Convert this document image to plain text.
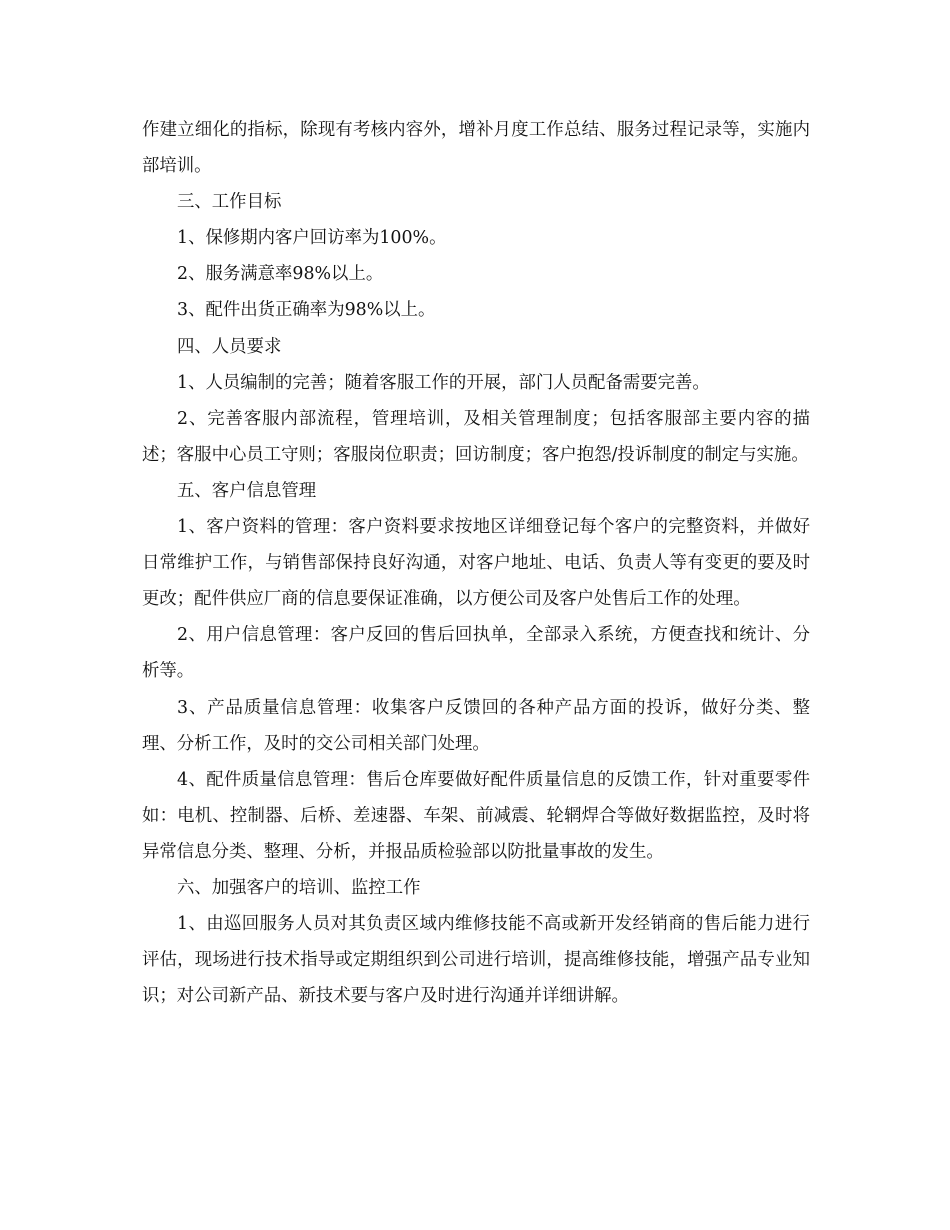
作建立细化的指标，除现有考核内容外，增补月度工作总结、服务过程记录等，实施内部培训。

三、工作目标

1、保修期内客户回访率为100%。

2、服务满意率98%以上。

3、配件出货正确率为98%以上。

四、人员要求

1、人员编制的完善；随着客服工作的开展，部门人员配备需要完善。

2、完善客服内部流程，管理培训，及相关管理制度；包括客服部主要内容的描述；客服中心员工守则；客服岗位职责；回访制度；客户抱怨/投诉制度的制定与实施。

五、客户信息管理

1、客户资料的管理：客户资料要求按地区详细登记每个客户的完整资料，并做好日常维护工作，与销售部保持良好沟通，对客户地址、电话、负责人等有变更的要及时更改；配件供应厂商的信息要保证准确，以方便公司及客户处售后工作的处理。

2、用户信息管理：客户反回的售后回执单，全部录入系统，方便查找和统计、分析等。

3、产品质量信息管理：收集客户反馈回的各种产品方面的投诉，做好分类、整理、分析工作，及时的交公司相关部门处理。

4、配件质量信息管理：售后仓库要做好配件质量信息的反馈工作，针对重要零件如：电机、控制器、后桥、差速器、车架、前减震、轮辋焊合等做好数据监控，及时将异常信息分类、整理、分析，并报品质检验部以防批量事故的发生。

六、加强客户的培训、监控工作

1、由巡回服务人员对其负责区域内维修技能不高或新开发经销商的售后能力进行评估，现场进行技术指导或定期组织到公司进行培训，提高维修技能，增强产品专业知识；对公司新产品、新技术要与客户及时进行沟通并详细讲解。
